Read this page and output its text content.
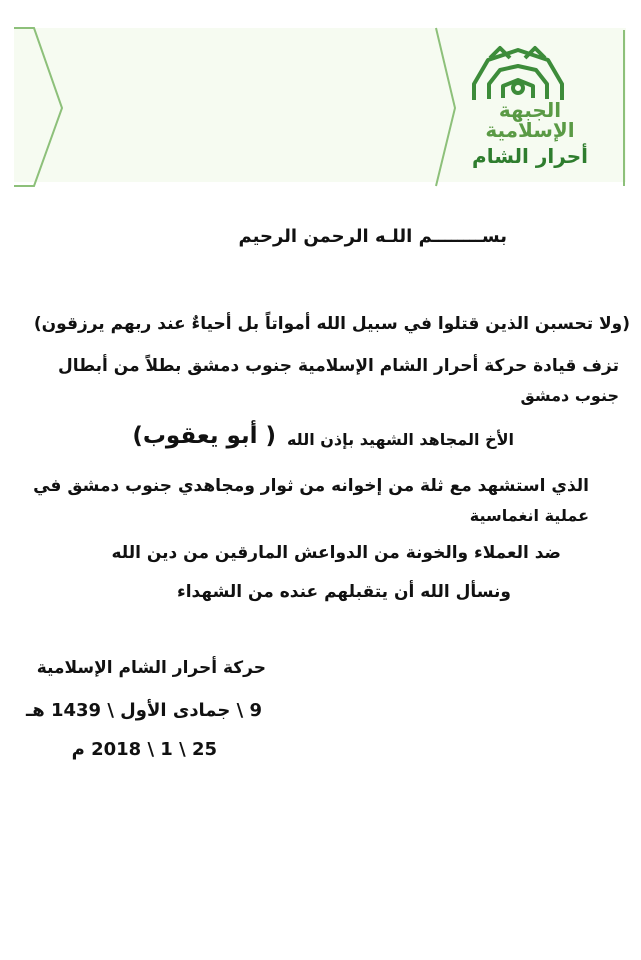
الجبهة الإسلامية
أحرار الشام
بســــــــم اللـه الرحمن الرحيم
(ولا تحسبن الذين قتلوا في سبيل الله أمواتاً بل أحياءٌ عند ربهم يرزقون)
تزف قيادة حركة أحرار الشام الإسلامية جنوب دمشق بطلاً من أبطال
جنوب دمشق
الأخ المجاهد الشهيد بإذن الله
( أبو يعقوب)
الذي استشهد مع ثلة من إخوانه من ثوار ومجاهدي جنوب دمشق في
عملية انغماسية
ضد العملاء والخونة من الدواعش المارقين من دين الله
ونسأل الله أن يتقبلهم عنده من الشهداء
حركة أحرار الشام الإسلامية
9 \ جمادى الأول \ 1439 هـ
25 \ 1 \ 2018 م
